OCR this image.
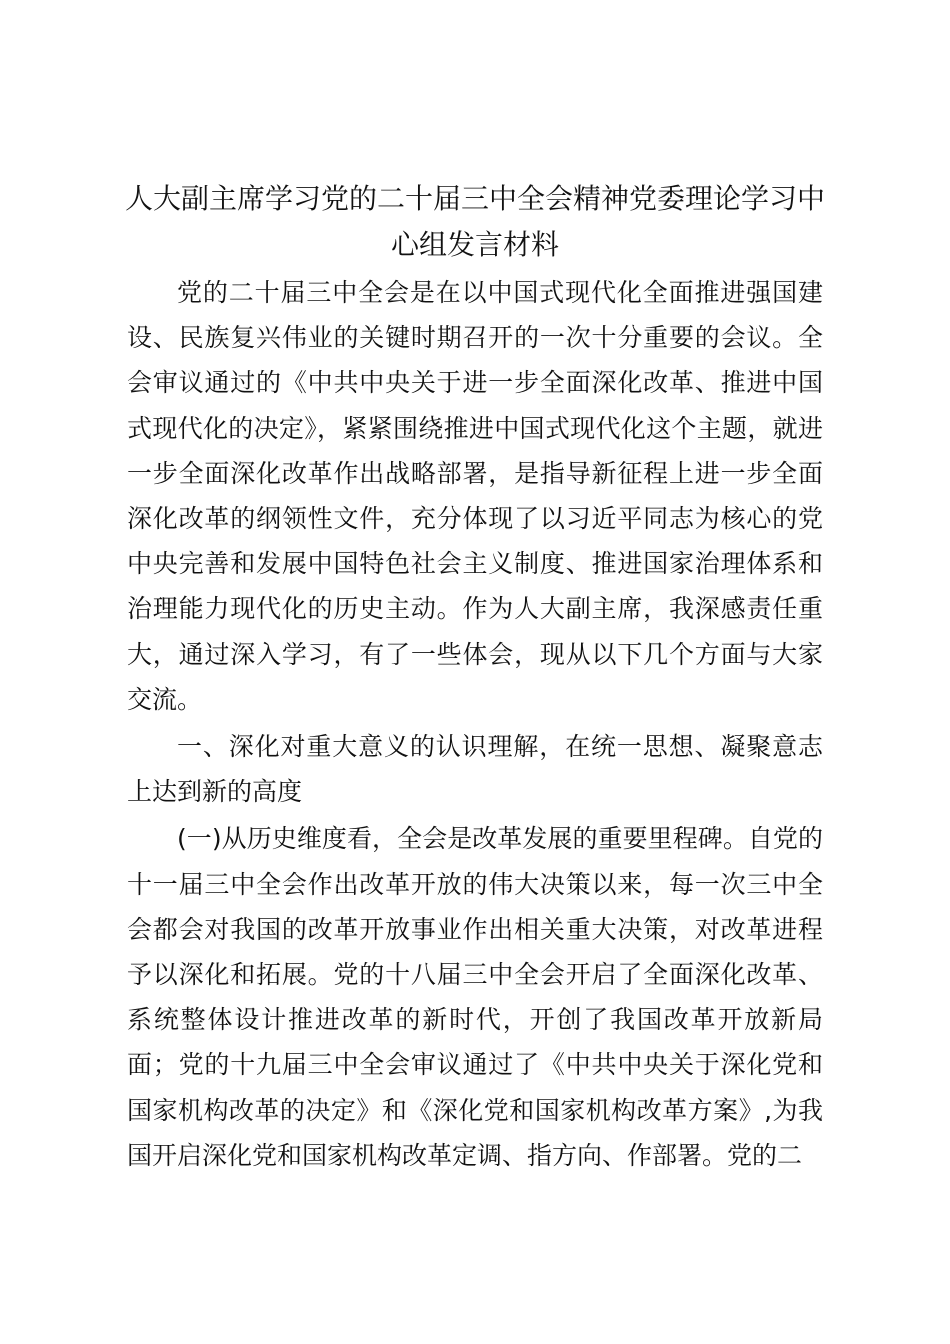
人大副主席学习党的二十届三中全会精神党委理论学习中心组发言材料

党的二十届三中全会是在以中国式现代化全面推进强国建设、民族复兴伟业的关键时期召开的一次十分重要的会议。全会审议通过的《中共中央关于进一步全面深化改革、推进中国式现代化的决定》，紧紧围绕推进中国式现代化这个主题，就进一步全面深化改革作出战略部署，是指导新征程上进一步全面深化改革的纲领性文件，充分体现了以习近平同志为核心的党中央完善和发展中国特色社会主义制度、推进国家治理体系和治理能力现代化的历史主动。作为人大副主席，我深感责任重大，通过深入学习，有了一些体会，现从以下几个方面与大家交流。

一、深化对重大意义的认识理解，在统一思想、凝聚意志上达到新的高度

(一)从历史维度看，全会是改革发展的重要里程碑。自党的十一届三中全会作出改革开放的伟大决策以来，每一次三中全会都会对我国的改革开放事业作出相关重大决策，对改革进程予以深化和拓展。党的十八届三中全会开启了全面深化改革、系统整体设计推进改革的新时代，开创了我国改革开放新局面；党的十九届三中全会审议通过了《中共中央关于深化党和国家机构改革的决定》和《深化党和国家机构改革方案》,为我国开启深化党和国家机构改革定调、指方向、作部署。党的二
